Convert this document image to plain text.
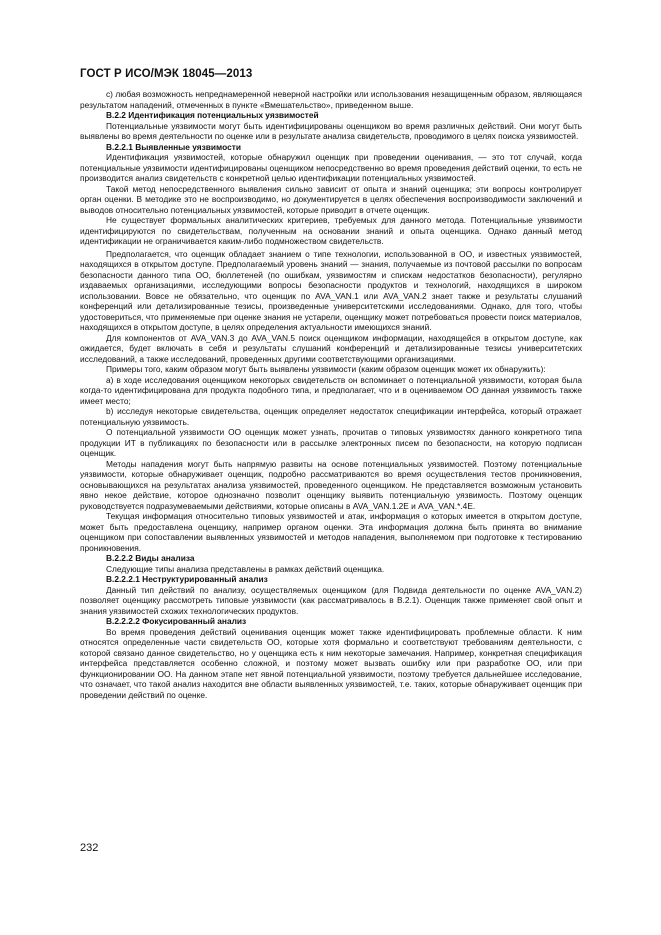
ГОСТ Р ИСО/МЭК 18045—2013

с) любая возможность непреднамеренной неверной настройки или использования незащищенным образом, являющаяся результатом нападений, отмеченных в пункте «Вмешательство», приведенном выше.

В.2.2 Идентификация потенциальных уязвимостей

Потенциальные уязвимости могут быть идентифицированы оценщиком во время различных действий. Они могут быть выявлены во время деятельности по оценке или в результате анализа свидетельств, проводимого в целях поиска уязвимостей.

В.2.2.1 Выявленные уязвимости

Идентификация уязвимостей, которые обнаружил оценщик при проведении оценивания, — это тот случай, когда потенциальные уязвимости идентифицированы оценщиком непосредственно во время проведения действий оценки, то есть не производится анализ свидетельств с конкретной целью идентификации потенциальных уязвимостей.

Такой метод непосредственного выявления сильно зависит от опыта и знаний оценщика; эти вопросы контролирует орган оценки. В методике это не воспроизводимо, но документируется в целях обеспечения воспроизводимости заключений и выводов относительно потенциальных уязвимостей, которые приводит в отчете оценщик.

Не существует формальных аналитических критериев, требуемых для данного метода. Потенциальные уязвимости идентифицируются по свидетельствам, полученным на основании знаний и опыта оценщика. Однако данный метод идентификации не ограничивается каким-либо подмножеством свидетельств.

Предполагается, что оценщик обладает знанием о типе технологии, использованной в ОО, и известных уязвимостей, находящихся в открытом доступе. Предполагаемый уровень знаний — знания, получаемые из почтовой рассылки по вопросам безопасности данного типа ОО, бюллетеней (по ошибкам, уязвимостям и спискам недостатков безопасности), регулярно издаваемых организациями, исследующими вопросы безопасности продуктов и технологий, находящихся в широком использовании. Вовсе не обязательно, что оценщик по AVA_VAN.1 или AVA_VAN.2 знает также и результаты слушаний конференций или детализированные тезисы, произведенные университетскими исследованиями. Однако, для того, чтобы удостовериться, что применяемые при оценке знания не устарели, оценщику может потребоваться провести поиск материалов, находящихся в открытом доступе, в целях определения актуальности имеющихся знаний.

Для компонентов от AVA_VAN.3 до AVA_VAN.5 поиск оценщиком информации, находящейся в открытом доступе, как ожидается, будет включать в себя и результаты слушаний конференций и детализированные тезисы университетских исследований, а также исследований, проведенных другими соответствующими организациями.

Примеры того, каким образом могут быть выявлены уязвимости (каким образом оценщик может их обнаружить):

а) в ходе исследования оценщиком некоторых свидетельств он вспоминает о потенциальной уязвимости, которая была когда-то идентифицирована для продукта подобного типа, и предполагает, что и в оцениваемом ОО данная уязвимость также имеет место;

b) исследуя некоторые свидетельства, оценщик определяет недостаток спецификации интерфейса, который отражает потенциальную уязвимость.

О потенциальной уязвимости ОО оценщик может узнать, прочитав о типовых уязвимостях данного конкретного типа продукции ИТ в публикациях по безопасности или в рассылке электронных писем по безопасности, на которую подписан оценщик.

Методы нападения могут быть напрямую развиты на основе потенциальных уязвимостей. Поэтому потенциальные уязвимости, которые обнаруживает оценщик, подробно рассматриваются во время осуществления тестов проникновения, основывающихся на результатах анализа уязвимостей, проведенного оценщиком. Не представляется возможным установить явно некое действие, которое однозначно позволит оценщику выявить потенциальную уязвимость. Поэтому оценщик руководствуется подразумеваемыми действиями, которые описаны в AVA_VAN.1.2E и AVA_VAN.*.4E.

Текущая информация относительно типовых уязвимостей и атак, информация о которых имеется в открытом доступе, может быть предоставлена оценщику, например органом оценки. Эта информация должна быть принята во внимание оценщиком при сопоставлении выявленных уязвимостей и методов нападения, выполняемом при подготовке к тестированию проникновения.

В.2.2.2 Виды анализа

Следующие типы анализа представлены в рамках действий оценщика.

В.2.2.2.1 Неструктурированный анализ

Данный тип действий по анализу, осуществляемых оценщиком (для Подвида деятельности по оценке AVA_VAN.2) позволяет оценщику рассмотреть типовые уязвимости (как рассматривалось в В.2.1). Оценщик также применяет свой опыт и знания уязвимостей схожих технологических продуктов.

В.2.2.2.2 Фокусированный анализ

Во время проведения действий оценивания оценщик может также идентифицировать проблемные области. К ним относятся определенные части свидетельств ОО, которые хотя формально и соответствуют требованиям деятельности, с которой связано данное свидетельство, но у оценщика есть к ним некоторые замечания. Например, конкретная спецификация интерфейса представляется особенно сложной, и поэтому может вызвать ошибку или при разработке ОО, или при функционировании ОО. На данном этапе нет явной потенциальной уязвимости, поэтому требуется дальнейшее исследование, что означает, что такой анализ находится вне области выявленных уязвимостей, т.е. таких, которые обнаруживает оценщик при проведении действий по оценке.

232
